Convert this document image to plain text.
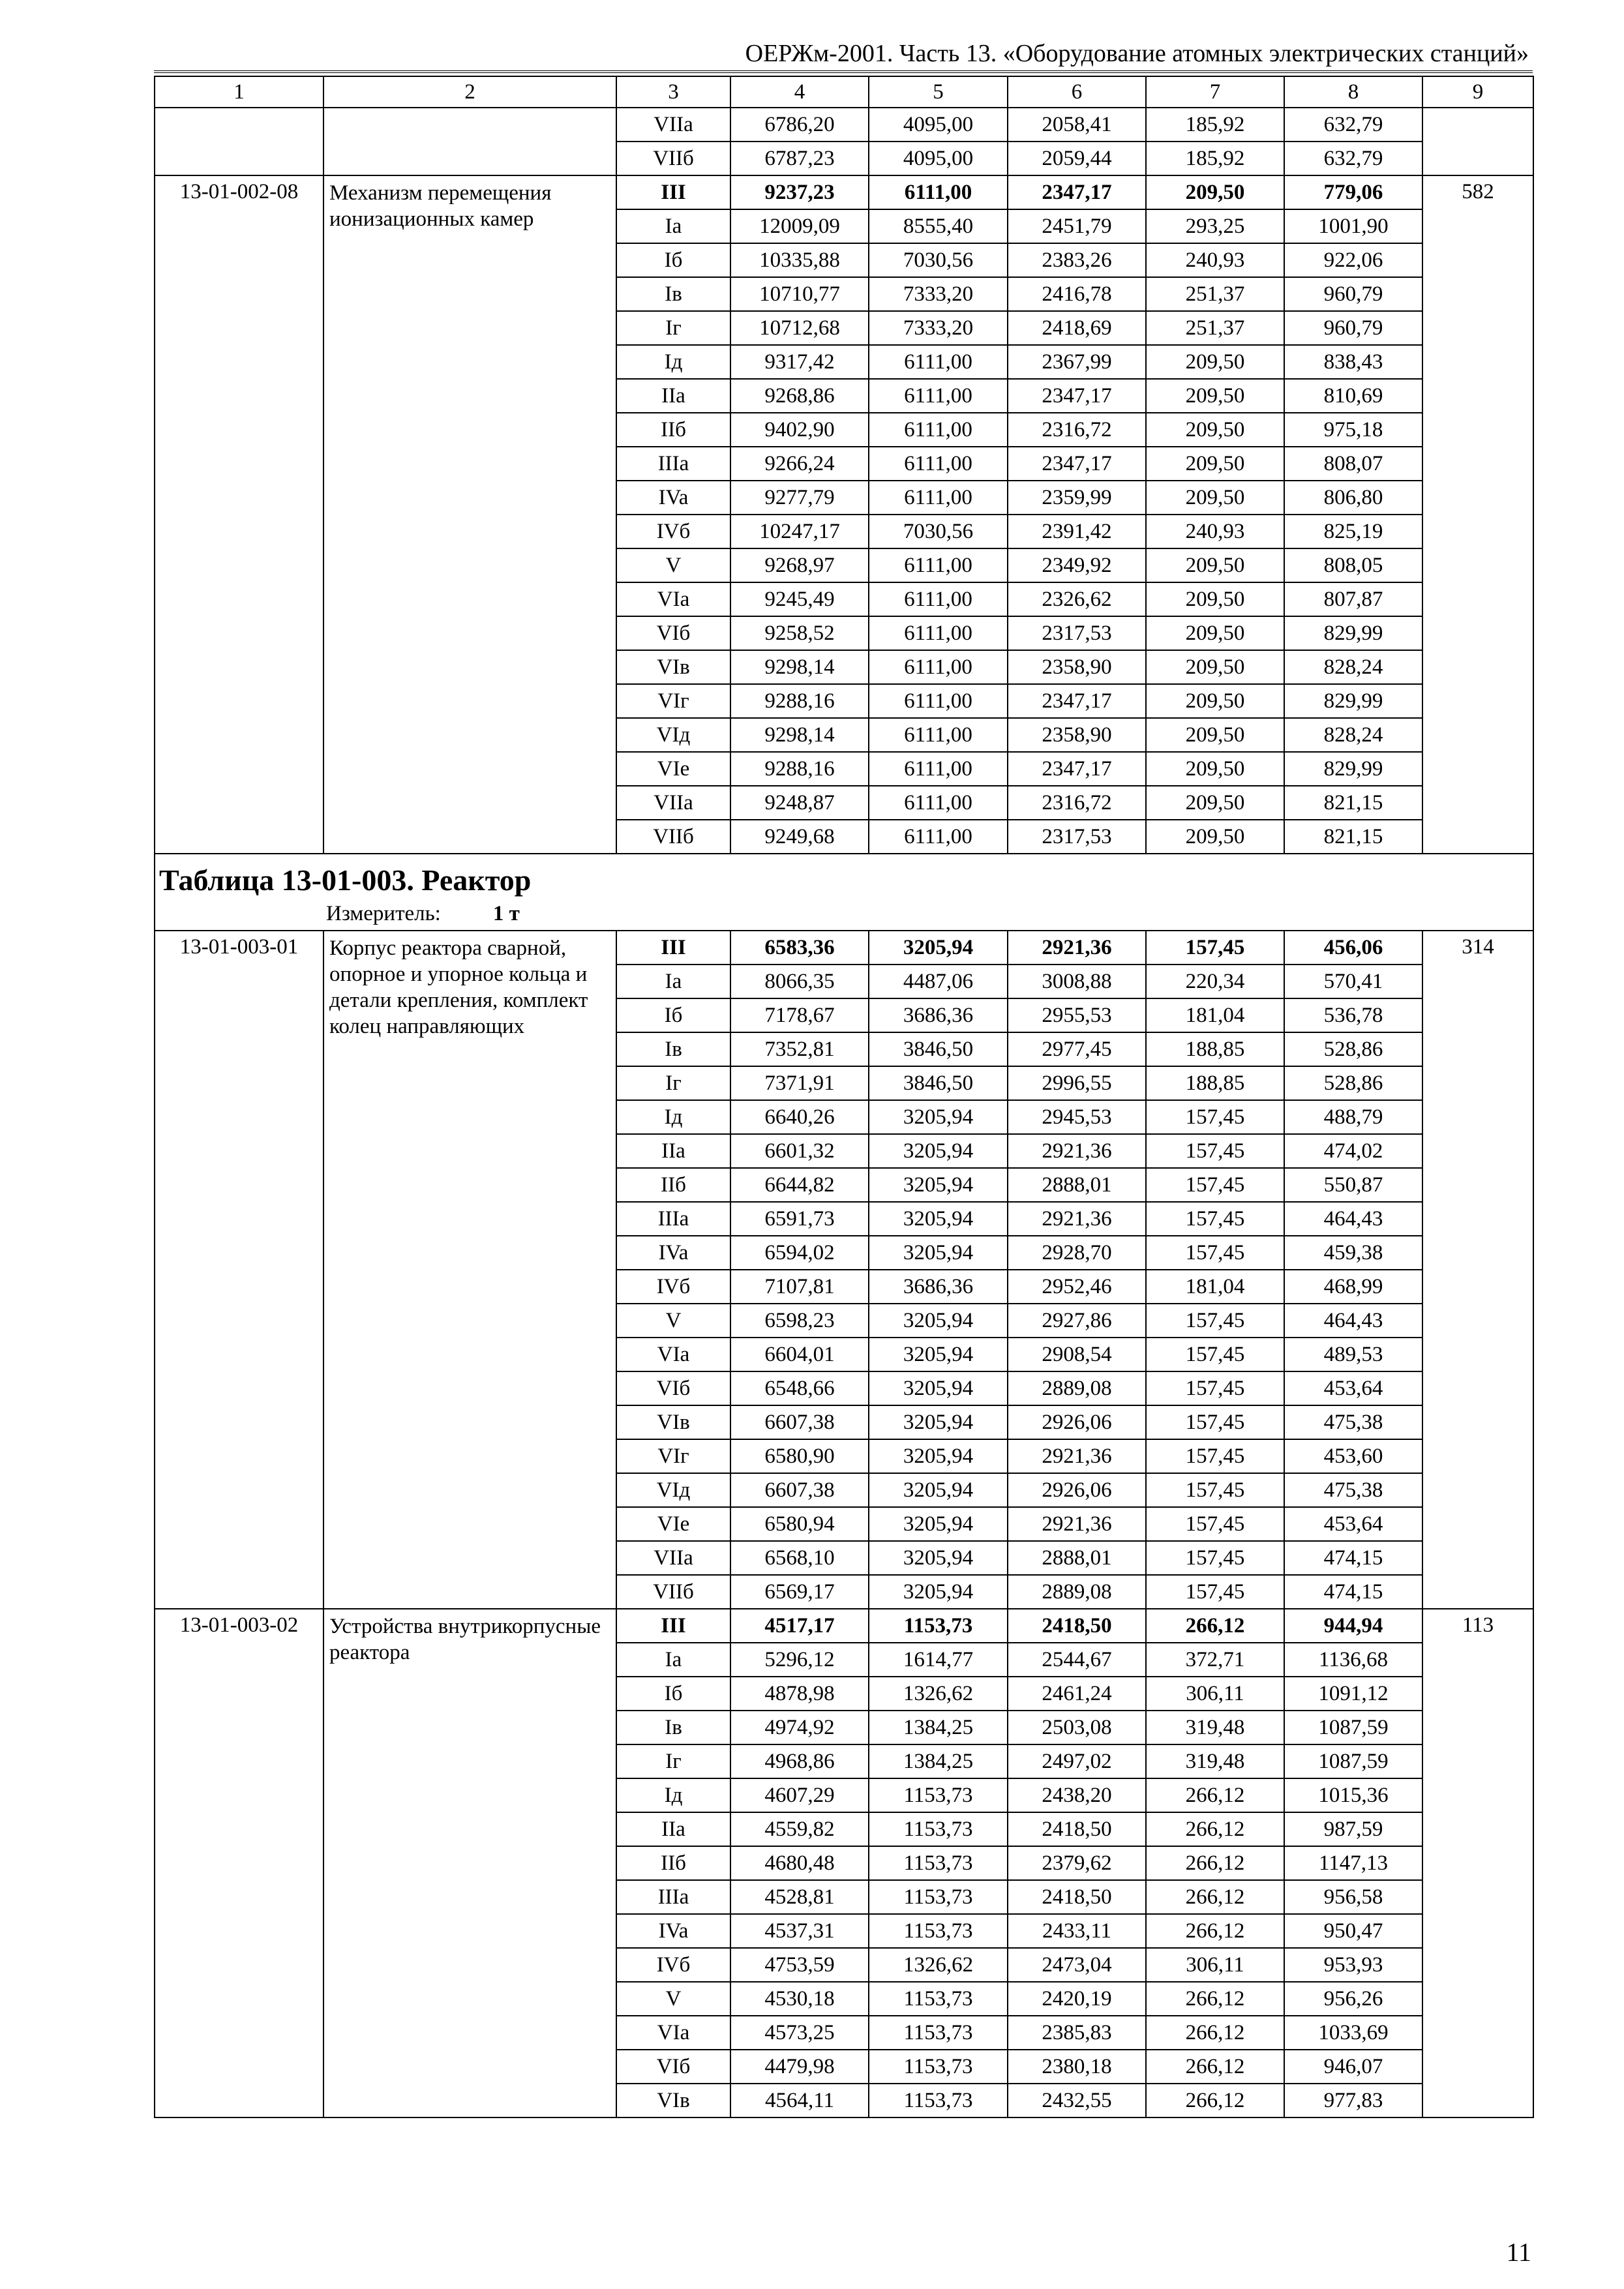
ОЕРЖм-2001. Часть 13. «Оборудование атомных электрических станций»
1	2	3	4	5	6	7	8	9
		VIIa	6786,20	4095,00	2058,41	185,92	632,79	
		VIIб	6787,23	4095,00	2059,44	185,92	632,79	
13-01-002-08	Механизм перемещения ионизационных камер	III	9237,23	6111,00	2347,17	209,50	779,06	582
		Ia	12009,09	8555,40	2451,79	293,25	1001,90	
		Iб	10335,88	7030,56	2383,26	240,93	922,06	
		Iв	10710,77	7333,20	2416,78	251,37	960,79	
		Iг	10712,68	7333,20	2418,69	251,37	960,79	
		Iд	9317,42	6111,00	2367,99	209,50	838,43	
		IIa	9268,86	6111,00	2347,17	209,50	810,69	
		IIб	9402,90	6111,00	2316,72	209,50	975,18	
		IIIa	9266,24	6111,00	2347,17	209,50	808,07	
		IVa	9277,79	6111,00	2359,99	209,50	806,80	
		IVб	10247,17	7030,56	2391,42	240,93	825,19	
		V	9268,97	6111,00	2349,92	209,50	808,05	
		VIa	9245,49	6111,00	2326,62	209,50	807,87	
		VIб	9258,52	6111,00	2317,53	209,50	829,99	
		VIв	9298,14	6111,00	2358,90	209,50	828,24	
		VIг	9288,16	6111,00	2347,17	209,50	829,99	
		VIд	9298,14	6111,00	2358,90	209,50	828,24	
		VIe	9288,16	6111,00	2347,17	209,50	829,99	
		VIIa	9248,87	6111,00	2316,72	209,50	821,15	
		VIIб	9249,68	6111,00	2317,53	209,50	821,15	

Таблица 13-01-003. Реактор
Измеритель: 1 т								

13-01-003-01	Корпус реактора сварной, опорное и упорное кольца и детали крепления, комплект колец направляющих	III	6583,36	3205,94	2921,36	157,45	456,06	314
		Ia	8066,35	4487,06	3008,88	220,34	570,41	
		Iб	7178,67	3686,36	2955,53	181,04	536,78	
		Iв	7352,81	3846,50	2977,45	188,85	528,86	
		Iг	7371,91	3846,50	2996,55	188,85	528,86	
		Iд	6640,26	3205,94	2945,53	157,45	488,79	
		IIa	6601,32	3205,94	2921,36	157,45	474,02	
		IIб	6644,82	3205,94	2888,01	157,45	550,87	
		IIIa	6591,73	3205,94	2921,36	157,45	464,43	
		IVa	6594,02	3205,94	2928,70	157,45	459,38	
		IVб	7107,81	3686,36	2952,46	181,04	468,99	
		V	6598,23	3205,94	2927,86	157,45	464,43	
		VIa	6604,01	3205,94	2908,54	157,45	489,53	
		VIб	6548,66	3205,94	2889,08	157,45	453,64	
		VIв	6607,38	3205,94	2926,06	157,45	475,38	
		VIг	6580,90	3205,94	2921,36	157,45	453,60	
		VIд	6607,38	3205,94	2926,06	157,45	475,38	
		VIe	6580,94	3205,94	2921,36	157,45	453,64	
		VIIa	6568,10	3205,94	2888,01	157,45	474,15	
		VIIб	6569,17	3205,94	2889,08	157,45	474,15	
13-01-003-02	Устройства внутрикорпусные реактора	III	4517,17	1153,73	2418,50	266,12	944,94	113
		Ia	5296,12	1614,77	2544,67	372,71	1136,68	
		Iб	4878,98	1326,62	2461,24	306,11	1091,12	
		Iв	4974,92	1384,25	2503,08	319,48	1087,59	
		Iг	4968,86	1384,25	2497,02	319,48	1087,59	
		Iд	4607,29	1153,73	2438,20	266,12	1015,36	
		IIa	4559,82	1153,73	2418,50	266,12	987,59	
		IIб	4680,48	1153,73	2379,62	266,12	1147,13	
		IIIa	4528,81	1153,73	2418,50	266,12	956,58	
		IVa	4537,31	1153,73	2433,11	266,12	950,47	
		IVб	4753,59	1326,62	2473,04	306,11	953,93	
		V	4530,18	1153,73	2420,19	266,12	956,26	
		VIa	4573,25	1153,73	2385,83	266,12	1033,69	
		VIб	4479,98	1153,73	2380,18	266,12	946,07	
		VIв	4564,11	1153,73	2432,55	266,12	977,83	
11
